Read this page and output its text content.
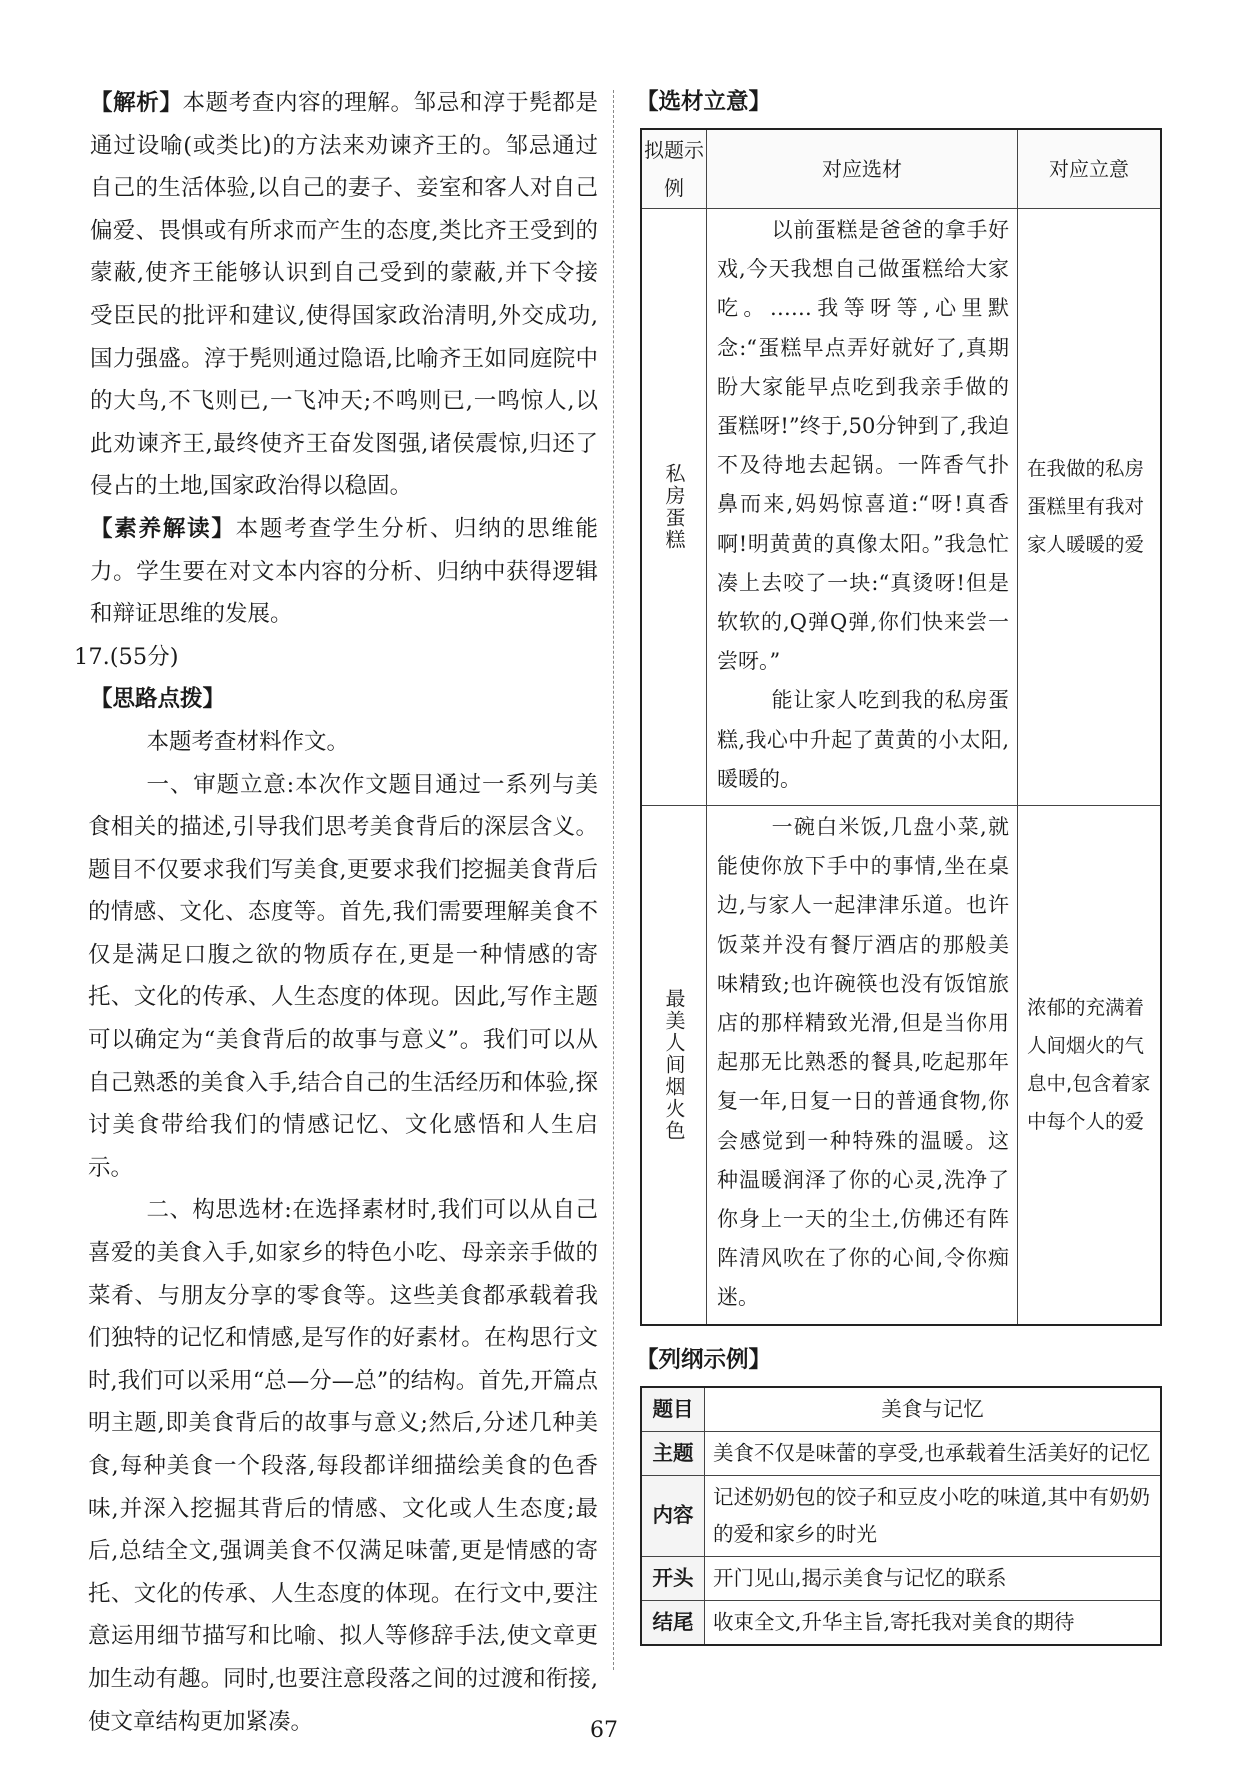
【解析】本题考查内容的理解。邹忌和淳于髡都是通过设喻(或类比)的方法来劝谏齐王的。邹忌通过自己的生活体验,以自己的妻子、妾室和客人对自己偏爱、畏惧或有所求而产生的态度,类比齐王受到的蒙蔽,使齐王能够认识到自己受到的蒙蔽,并下令接受臣民的批评和建议,使得国家政治清明,外交成功,国力强盛。淳于髡则通过隐语,比喻齐王如同庭院中的大鸟,不飞则已,一飞冲天;不鸣则已,一鸣惊人,以此劝谏齐王,最终使齐王奋发图强,诸侯震惊,归还了侵占的土地,国家政治得以稳固。

【素养解读】本题考查学生分析、归纳的思维能力。学生要在对文本内容的分析、归纳中获得逻辑和辩证思维的发展。

17.(55分)

【思路点拨】

本题考查材料作文。

一、审题立意:本次作文题目通过一系列与美食相关的描述,引导我们思考美食背后的深层含义。题目不仅要求我们写美食,更要求我们挖掘美食背后的情感、文化、态度等。首先,我们需要理解美食不仅是满足口腹之欲的物质存在,更是一种情感的寄托、文化的传承、人生态度的体现。因此,写作主题可以确定为“美食背后的故事与意义”。我们可以从自己熟悉的美食入手,结合自己的生活经历和体验,探讨美食带给我们的情感记忆、文化感悟和人生启示。

二、构思选材:在选择素材时,我们可以从自己喜爱的美食入手,如家乡的特色小吃、母亲亲手做的菜肴、与朋友分享的零食等。这些美食都承载着我们独特的记忆和情感,是写作的好素材。在构思行文时,我们可以采用“总—分—总”的结构。首先,开篇点明主题,即美食背后的故事与意义;然后,分述几种美食,每种美食一个段落,每段都详细描绘美食的色香味,并深入挖掘其背后的情感、文化或人生态度;最后,总结全文,强调美食不仅满足味蕾,更是情感的寄托、文化的传承、人生态度的体现。在行文中,要注意运用细节描写和比喻、拟人等修辞手法,使文章更加生动有趣。同时,也要注意段落之间的过渡和衔接,使文章结构更加紧凑。

【选材立意】
拟题示例	对应选材	对应立意

私房蛋糕	以前蛋糕是爸爸的拿手好戏,今天我想自己做蛋糕给大家吃。……我等呀等,心里默念:“蛋糕早点弄好就好了,真期盼大家能早点吃到我亲手做的蛋糕呀!”终于,50分钟到了,我迫不及待地去起锅。一阵香气扑鼻而来,妈妈惊喜道:“呀!真香啊!明黄黄的真像太阳。”我急忙凑上去咬了一块:“真烫呀!但是软软的,Q弹Q弹,你们快来尝一尝呀。”

能让家人吃到我的私房蛋糕,我心中升起了黄黄的小太阳,暖暖的。	在我做的私房蛋糕里有我对家人暖暖的爱

最美人间烟火色	一碗白米饭,几盘小菜,就能使你放下手中的事情,坐在桌边,与家人一起津津乐道。也许饭菜并没有餐厅酒店的那般美味精致;也许碗筷也没有饭馆旅店的那样精致光滑,但是当你用起那无比熟悉的餐具,吃起那年复一年,日复一日的普通食物,你会感觉到一种特殊的温暖。这种温暖润泽了你的心灵,洗净了你身上一天的尘土,仿佛还有阵阵清风吹在了你的心间,令你痴迷。	浓郁的充满着人间烟火的气息中,包含着家中每个人的爱

【列纲示例】
题目	美食与记忆
主题	美食不仅是味蕾的享受,也承载着生活美好的记忆
内容	记述奶奶包的饺子和豆皮小吃的味道,其中有奶奶的爱和家乡的时光
开头	开门见山,揭示美食与记忆的联系
结尾	收束全文,升华主旨,寄托我对美食的期待
67
